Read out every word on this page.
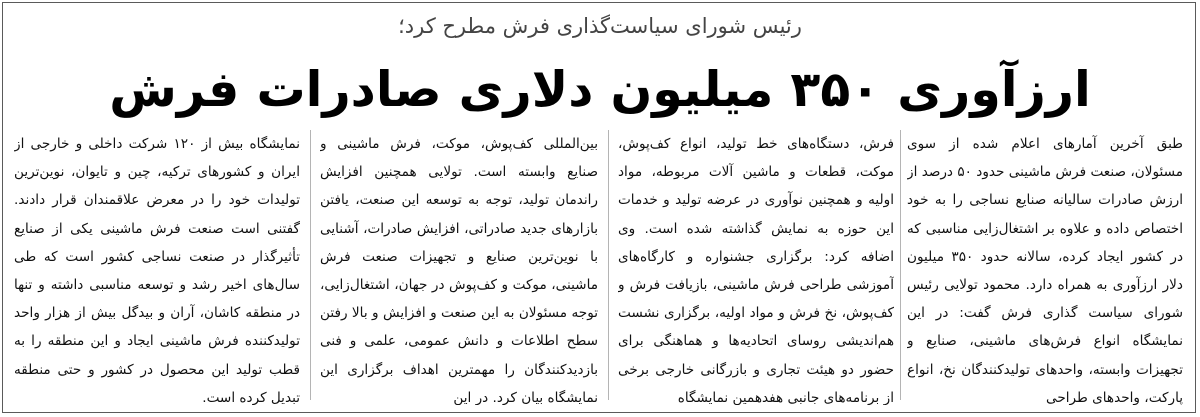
رئیس شورای سیاست‌گذاری فرش مطرح کرد؛
ارزآوری ۳۵۰ میلیون دلاری صادرات فرش
طبق آخرین آمارهای اعلام شده از سوی مسئولان، صنعت فرش ماشینی حدود ۵۰ درصد از ارزش صادرات سالیانه صنایع نساجی را به خود اختصاص داده و علاوه بر اشتغال‌زایی مناسبی که در کشور ایجاد کرده، سالانه حدود ۳۵۰ میلیون دلار ارزآوری به همراه دارد. محمود تولایی رئیس شورای سیاست گذاری فرش گفت: در این نمایشگاه انواع فرش‌های ماشینی، صنایع و تجهیزات وابسته، واحدهای تولیدکنندگان نخ، انواع پارکت، واحدهای طراحی
فرش، دستگاه‌های خط تولید، انواع کف‌پوش، موکت، قطعات و ماشین آلات مربوطه، مواد اولیه و همچنین نوآوری در عرضه تولید و خدمات این حوزه به نمایش گذاشته شده است. وی اضافه کرد: برگزاری جشنواره و کارگاه‌های آموزشی طراحی فرش ماشینی، بازیافت فرش و کف‌پوش، نخ فرش و مواد اولیه، برگزاری نشست هم‌اندیشی روسای اتحادیه‌ها و هماهنگی برای حضور دو هیئت تجاری و بازرگانی خارجی برخی از برنامه‌های جانبی هفدهمین نمایشگاه
بین‌المللی کف‌پوش، موکت، فرش ماشینی و صنایع وابسته است. تولایی همچنین افزایش راندمان تولید، توجه به توسعه این صنعت، یافتن بازارهای جدید صادراتی، افزایش صادرات، آشنایی با نوین‌ترین صنایع و تجهیزات صنعت فرش ماشینی، موکت و کف‌پوش در جهان، اشتغال‌زایی، توجه مسئولان به این صنعت و افزایش و بالا رفتن سطح اطلاعات و دانش عمومی، علمی و فنی بازدیدکنندگان را مهمترین اهداف برگزاری این نمایشگاه بیان کرد. در این
نمایشگاه بیش از ۱۲۰ شرکت داخلی و خارجی از ایران و کشورهای ترکیه، چین و تایوان، نوین‌ترین تولیدات خود را در معرض علاقمندان قرار دادند. گفتنی است صنعت فرش ماشینی یکی از صنایع تأثیرگذار در صنعت نساجی کشور است که طی سال‌های اخیر رشد و توسعه مناسبی داشته و تنها در منطقه کاشان، آران و بیدگل بیش از هزار واحد تولیدکننده فرش ماشینی ایجاد و این منطقه را به قطب تولید این محصول در کشور و حتی منطقه تبدیل کرده است.
